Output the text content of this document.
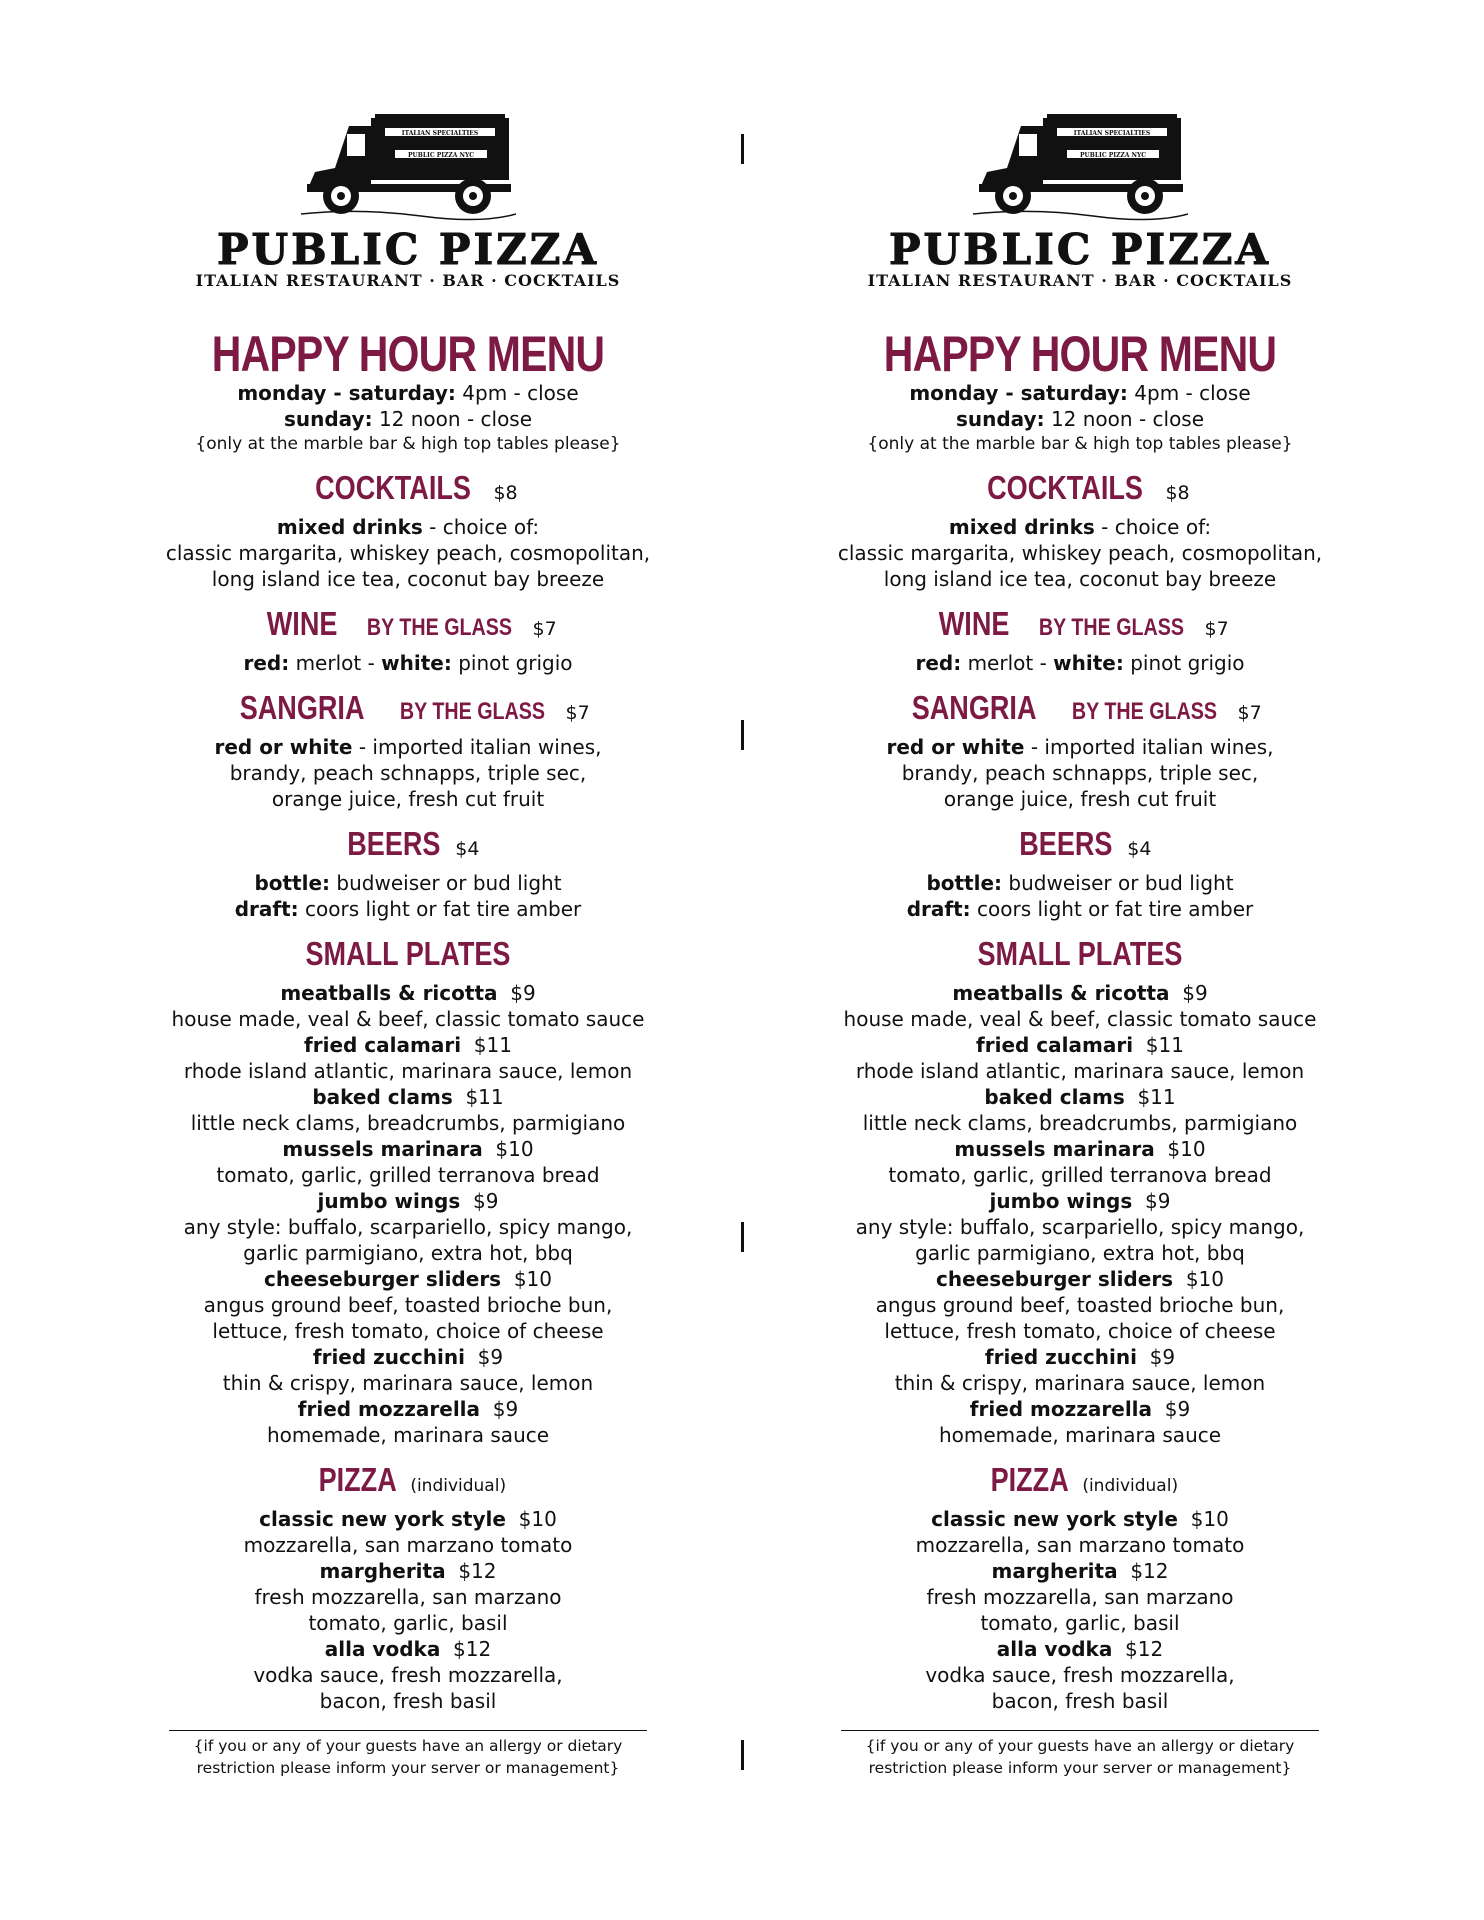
ITALIAN SPECIALTIES
PUBLIC PIZZA NYC
PUBLIC PIZZA
ITALIAN RESTAURANT · BAR · COCKTAILS
HAPPY HOUR MENU
monday - saturday: 4pm - close
sunday: 12 noon - close
{only at the marble bar & high top tables please}
COCKTAILS $8
mixed drinks - choice of:
classic margarita, whiskey peach, cosmopolitan,
long island ice tea, coconut bay breeze
WINE BY THE GLASS $7
red: merlot - white: pinot grigio
SANGRIA BY THE GLASS $7
red or white - imported italian wines,
brandy, peach schnapps, triple sec,
orange juice, fresh cut fruit
BEERS $4
bottle: budweiser or bud light
draft: coors light or fat tire amber
SMALL PLATES
meatballs & ricotta $9
house made, veal & beef, classic tomato sauce
fried calamari $11
rhode island atlantic, marinara sauce, lemon
baked clams $11
little neck clams, breadcrumbs, parmigiano
mussels marinara $10
tomato, garlic, grilled terranova bread
jumbo wings $9
any style: buffalo, scarpariello, spicy mango,
garlic parmigiano, extra hot, bbq
cheeseburger sliders $10
angus ground beef, toasted brioche bun,
lettuce, fresh tomato, choice of cheese
fried zucchini $9
thin & crispy, marinara sauce, lemon
fried mozzarella $9
homemade, marinara sauce
PIZZA (individual)
classic new york style $10
mozzarella, san marzano tomato
margherita $12
fresh mozzarella, san marzano
tomato, garlic, basil
alla vodka $12
vodka sauce, fresh mozzarella,
bacon, fresh basil
{if you or any of your guests have an allergy or dietary
restriction please inform your server or management}
ITALIAN SPECIALTIES
PUBLIC PIZZA NYC
PUBLIC PIZZA
ITALIAN RESTAURANT · BAR · COCKTAILS
HAPPY HOUR MENU
monday - saturday: 4pm - close
sunday: 12 noon - close
{only at the marble bar & high top tables please}
COCKTAILS $8
mixed drinks - choice of:
classic margarita, whiskey peach, cosmopolitan,
long island ice tea, coconut bay breeze
WINE BY THE GLASS $7
red: merlot - white: pinot grigio
SANGRIA BY THE GLASS $7
red or white - imported italian wines,
brandy, peach schnapps, triple sec,
orange juice, fresh cut fruit
BEERS $4
bottle: budweiser or bud light
draft: coors light or fat tire amber
SMALL PLATES
meatballs & ricotta $9
house made, veal & beef, classic tomato sauce
fried calamari $11
rhode island atlantic, marinara sauce, lemon
baked clams $11
little neck clams, breadcrumbs, parmigiano
mussels marinara $10
tomato, garlic, grilled terranova bread
jumbo wings $9
any style: buffalo, scarpariello, spicy mango,
garlic parmigiano, extra hot, bbq
cheeseburger sliders $10
angus ground beef, toasted brioche bun,
lettuce, fresh tomato, choice of cheese
fried zucchini $9
thin & crispy, marinara sauce, lemon
fried mozzarella $9
homemade, marinara sauce
PIZZA (individual)
classic new york style $10
mozzarella, san marzano tomato
margherita $12
fresh mozzarella, san marzano
tomato, garlic, basil
alla vodka $12
vodka sauce, fresh mozzarella,
bacon, fresh basil
{if you or any of your guests have an allergy or dietary
restriction please inform your server or management}
